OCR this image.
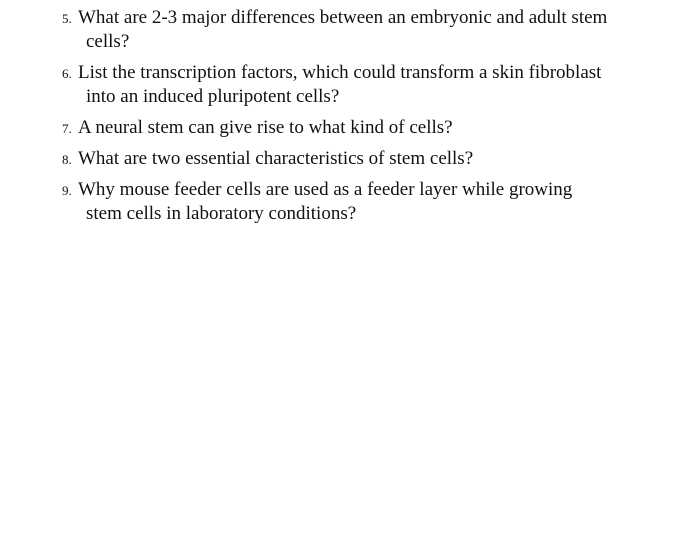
5. What are 2-3 major differences between an embryonic and adult stem
cells?
6. List the transcription factors, which could transform a skin fibroblast
into an induced pluripotent cells?
7. A neural stem can give rise to what kind of cells?
8. What are two essential characteristics of stem cells?
9. Why mouse feeder cells are used as a feeder layer while growing
stem cells in laboratory conditions?
